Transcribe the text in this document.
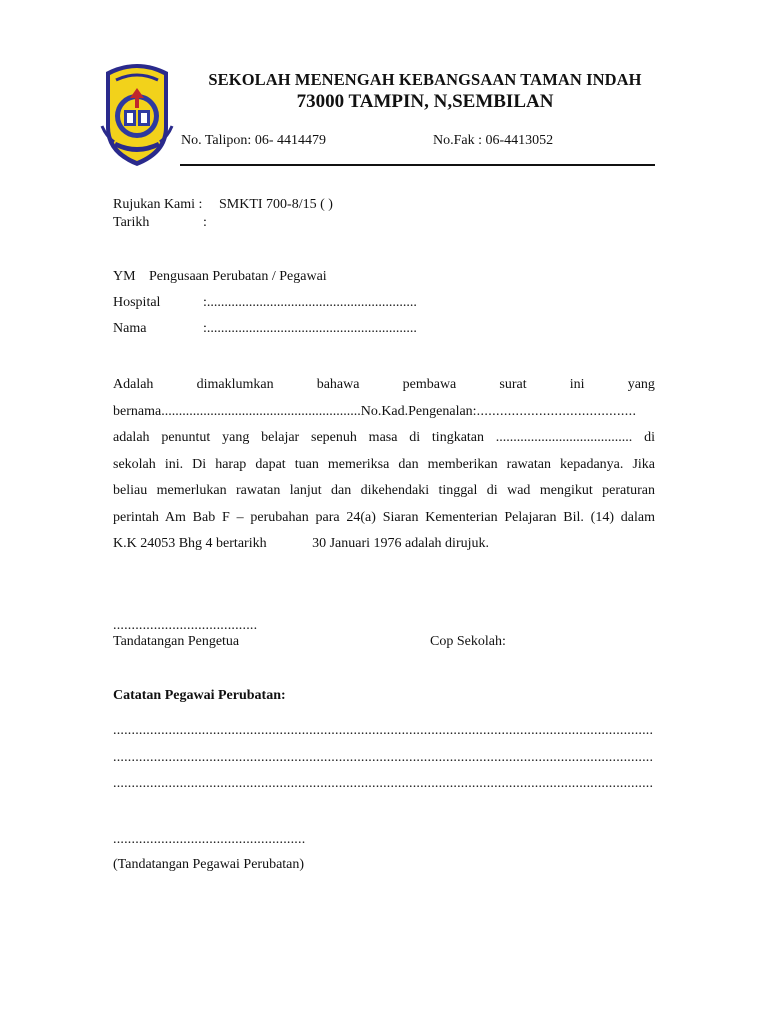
SEKOLAH MENENGAH KEBANGSAAN TAMAN INDAH
73000 TAMPIN, N,SEMBILAN
No. Talipon: 06- 4414479	No.Fak : 06-4413052
Rujukan Kami : SMKTI 700-8/15 ( )
Tarikh	:
YM Pengusaan Perubatan / Pegawai
Hospital	:............................................................
Nama	:............................................................
Adalah	dimaklumkan	bahawa	pembawa	surat	ini	yang
bernama......................................................... No.Kad.Pengenalan: .........................................
adalah penuntut yang belajar sepenuh masa di tingkatan ....................................... di
sekolah ini. Di harap dapat tuan memeriksa dan memberikan rawatan kepadanya. Jika
beliau memerlukan rawatan lanjut dan dikehendaki tinggal di wad mengikut peraturan
perintah Am Bab F – perubahan para 24(a) Siaran Kementerian Pelajaran Bil. (14) dalam
K.K 24053 Bhg 4 bertarikh             30 Januari 1976 adalah dirujuk.
.......................................
Tandatangan Pengetua	Cop Sekolah:
Catatan Pegawai Perubatan:
..................................................................................................................................................
..................................................................................................................................................
..................................................................................................................................................
....................................................
(Tandatangan Pegawai Perubatan)
